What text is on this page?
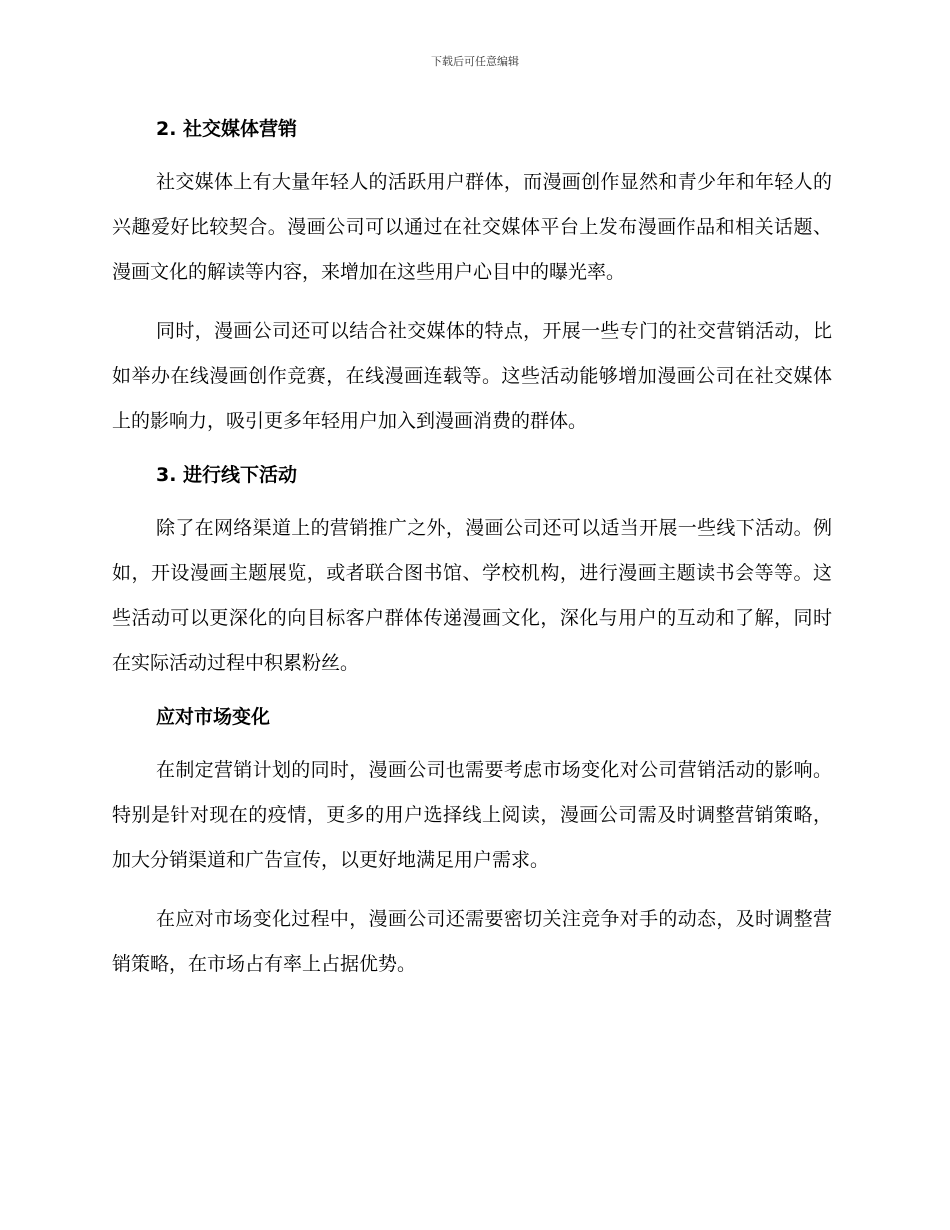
下载后可任意编辑
2. 社交媒体营销

社交媒体上有大量年轻人的活跃用户群体，而漫画创作显然和青少年和年轻人的兴趣爱好比较契合。漫画公司可以通过在社交媒体平台上发布漫画作品和相关话题、漫画文化的解读等内容，来增加在这些用户心目中的曝光率。

同时，漫画公司还可以结合社交媒体的特点，开展一些专门的社交营销活动，比如举办在线漫画创作竞赛，在线漫画连载等。这些活动能够增加漫画公司在社交媒体上的影响力，吸引更多年轻用户加入到漫画消费的群体。

3. 进行线下活动

除了在网络渠道上的营销推广之外，漫画公司还可以适当开展一些线下活动。例如，开设漫画主题展览，或者联合图书馆、学校机构，进行漫画主题读书会等等。这些活动可以更深化的向目标客户群体传递漫画文化，深化与用户的互动和了解，同时在实际活动过程中积累粉丝。

应对市场变化

在制定营销计划的同时，漫画公司也需要考虑市场变化对公司营销活动的影响。特别是针对现在的疫情，更多的用户选择线上阅读，漫画公司需及时调整营销策略，加大分销渠道和广告宣传，以更好地满足用户需求。

在应对市场变化过程中，漫画公司还需要密切关注竞争对手的动态，及时调整营销策略，在市场占有率上占据优势。
